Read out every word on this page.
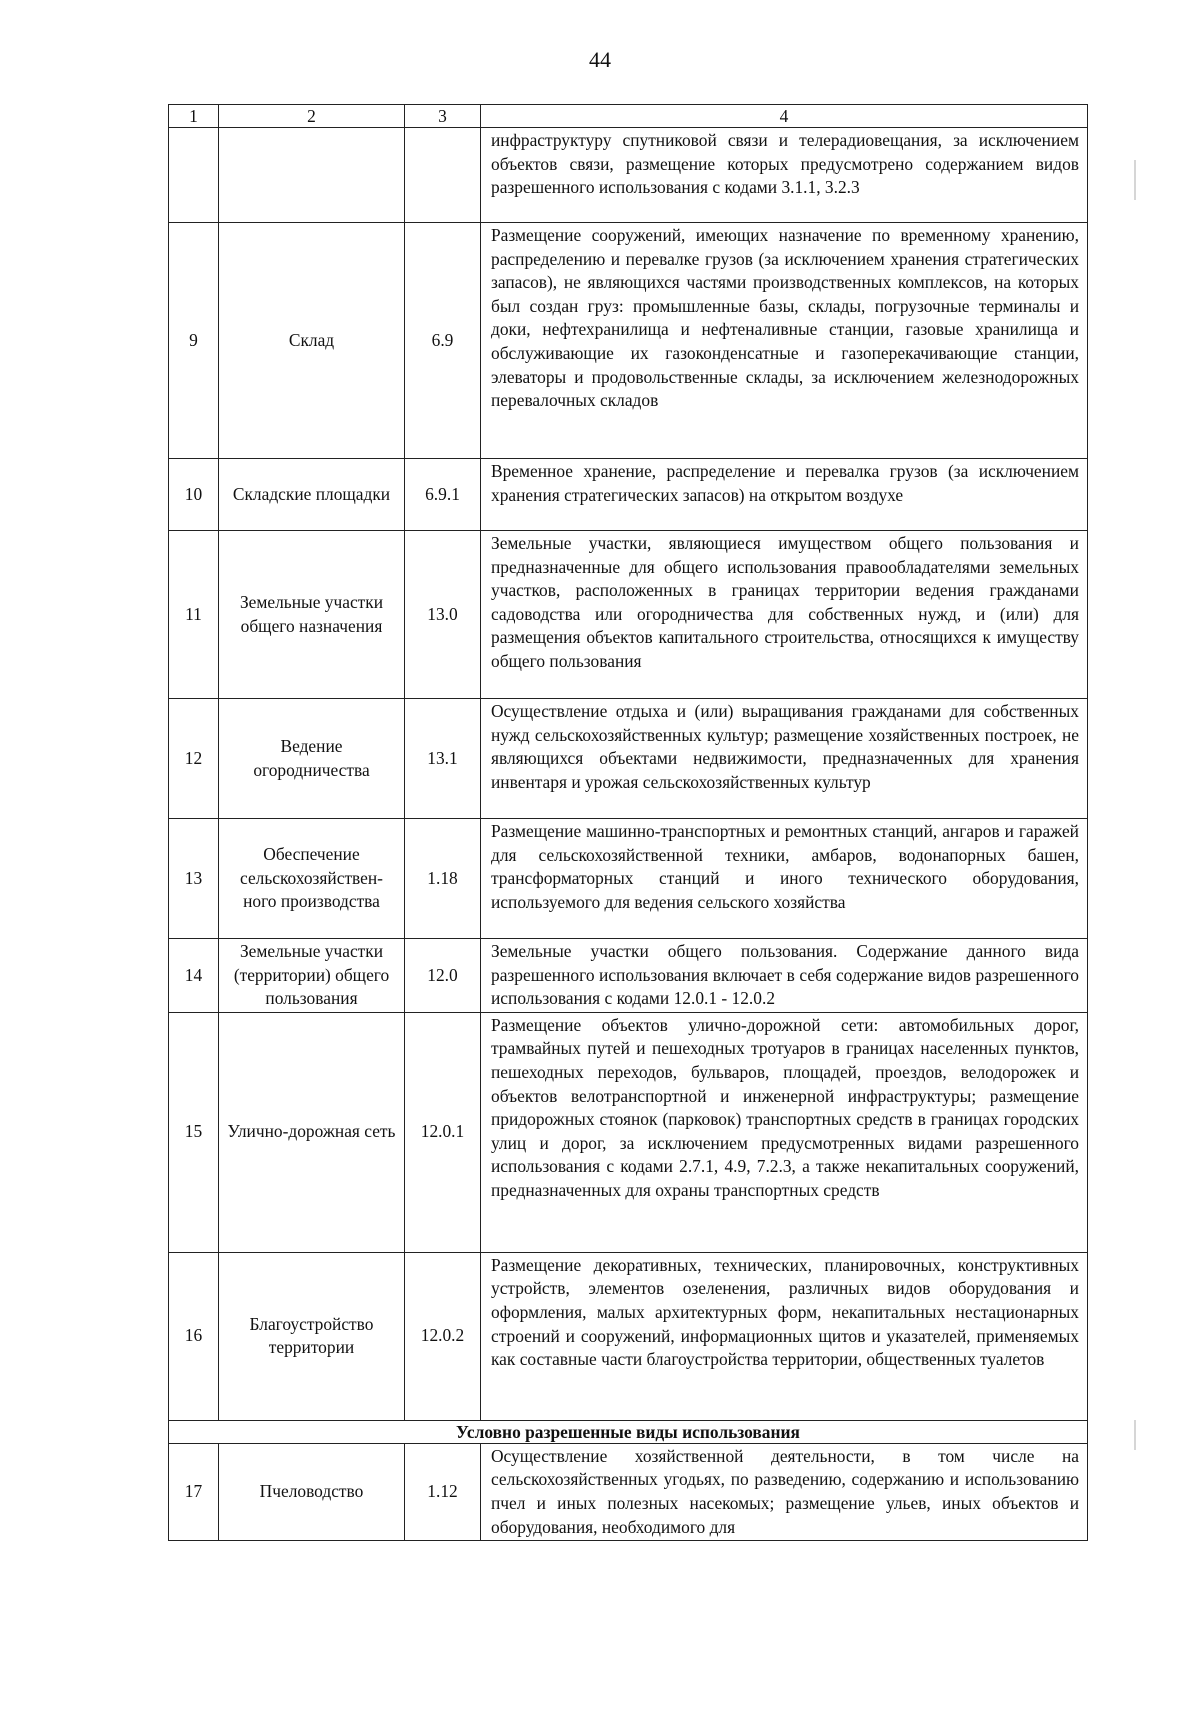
44
1	2	3	4
			инфраструктуру спутниковой связи и телерадиовещания, за исключением объектов связи, размещение которых предусмотрено содержанием видов разрешенного использования с кодами 3.1.1, 3.2.3
9	Склад	6.9	Размещение сооружений, имеющих назначение по временному хранению, распределению и перевалке грузов (за исключением хранения стратегических запасов), не являющихся частями производственных комплексов, на которых был создан груз: промышленные базы, склады, погрузочные терминалы и доки, нефтехранилища и нефтеналивные станции, газовые хранилища и обслуживающие их газоконденсатные и газоперекачивающие станции, элеваторы и продовольственные склады, за исключением железнодорожных перевалочных складов
10	Складские площадки	6.9.1	Временное хранение, распределение и перевалка грузов (за исключением хранения стратегических запасов) на открытом воздухе
11	Земельные участки общего назначения	13.0	Земельные участки, являющиеся имуществом общего пользования и предназначенные для общего использования правообладателями земельных участков, расположенных в границах территории ведения гражданами садоводства или огородничества для собственных нужд, и (или) для размещения объектов капитального строительства, относящихся к имуществу общего пользования
12	Ведение огородничества	13.1	Осуществление отдыха и (или) выращивания гражданами для собственных нужд сельскохозяйственных культур; размещение хозяйственных построек, не являющихся объектами недвижимости, предназначенных для хранения инвентаря и урожая сельскохозяйственных культур
13	Обеспечение сельскохозяйствен-ного производства	1.18	Размещение машинно-транспортных и ремонтных станций, ангаров и гаражей для сельскохозяйственной техники, амбаров, водонапорных башен, трансформаторных станций и иного технического оборудования, используемого для ведения сельского хозяйства
14	Земельные участки (территории) общего пользования	12.0	Земельные участки общего пользования. Содержание данного вида разрешенного использования включает в себя содержание видов разрешенного использования с кодами 12.0.1 - 12.0.2
15	Улично-дорожная сеть	12.0.1	Размещение объектов улично-дорожной сети: автомобильных дорог, трамвайных путей и пешеходных тротуаров в границах населенных пунктов, пешеходных переходов, бульваров, площадей, проездов, велодорожек и объектов велотранспортной и инженерной инфраструктуры; размещение придорожных стоянок (парковок) транспортных средств в границах городских улиц и дорог, за исключением предусмотренных видами разрешенного использования с кодами 2.7.1, 4.9, 7.2.3, а также некапитальных сооружений, предназначенных для охраны транспортных средств
16	Благоустройство территории	12.0.2	Размещение декоративных, технических, планировочных, конструктивных устройств, элементов озеленения, различных видов оборудования и оформления, малых архитектурных форм, некапитальных нестационарных строений и сооружений, информационных щитов и указателей, применяемых как составные части благоустройства территории, общественных туалетов
Условно разрешенные виды использования			
17	Пчеловодство	1.12	Осуществление хозяйственной деятельности, в том числе на сельскохозяйственных угодьях, по разведению, содержанию и использованию пчел и иных полезных насекомых; размещение ульев, иных объектов и оборудования, необходимого для
